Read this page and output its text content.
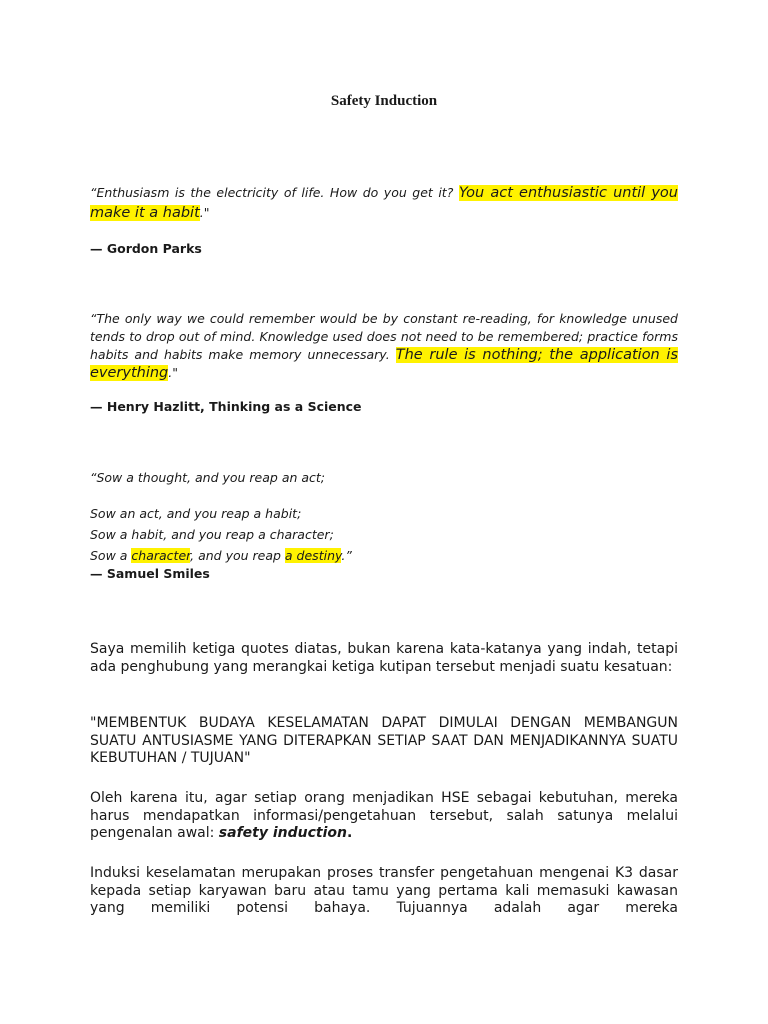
Safety Induction

“Enthusiasm is the electricity of life. How do you get it? You act enthusiastic until you make it a habit."

— Gordon Parks

“The only way we could remember would be by constant re-reading, for knowledge unused tends to drop out of mind. Knowledge used does not need to be remembered; practice forms habits and habits make memory unnecessary. The rule is nothing; the application is everything."

— Henry Hazlitt, Thinking as a Science

“Sow a thought, and you reap an act;

Sow an act, and you reap a habit;

Sow a habit, and you reap a character;

Sow a character, and you reap a destiny.”

— Samuel Smiles

Saya memilih ketiga quotes diatas, bukan karena kata-katanya yang indah, tetapi ada penghubung yang merangkai ketiga kutipan tersebut menjadi suatu kesatuan:

"MEMBENTUK BUDAYA KESELAMATAN DAPAT DIMULAI DENGAN MEMBANGUN SUATU ANTUSIASME YANG DITERAPKAN SETIAP SAAT DAN MENJADIKANNYA SUATU KEBUTUHAN / TUJUAN"

Oleh karena itu, agar setiap orang menjadikan HSE sebagai kebutuhan, mereka harus mendapatkan informasi/pengetahuan tersebut, salah satunya melalui pengenalan awal: safety induction.

Induksi keselamatan merupakan proses transfer pengetahuan mengenai K3 dasar kepada setiap karyawan baru atau tamu yang pertama kali memasuki kawasan yang memiliki potensi bahaya. Tujuannya adalah agar mereka
